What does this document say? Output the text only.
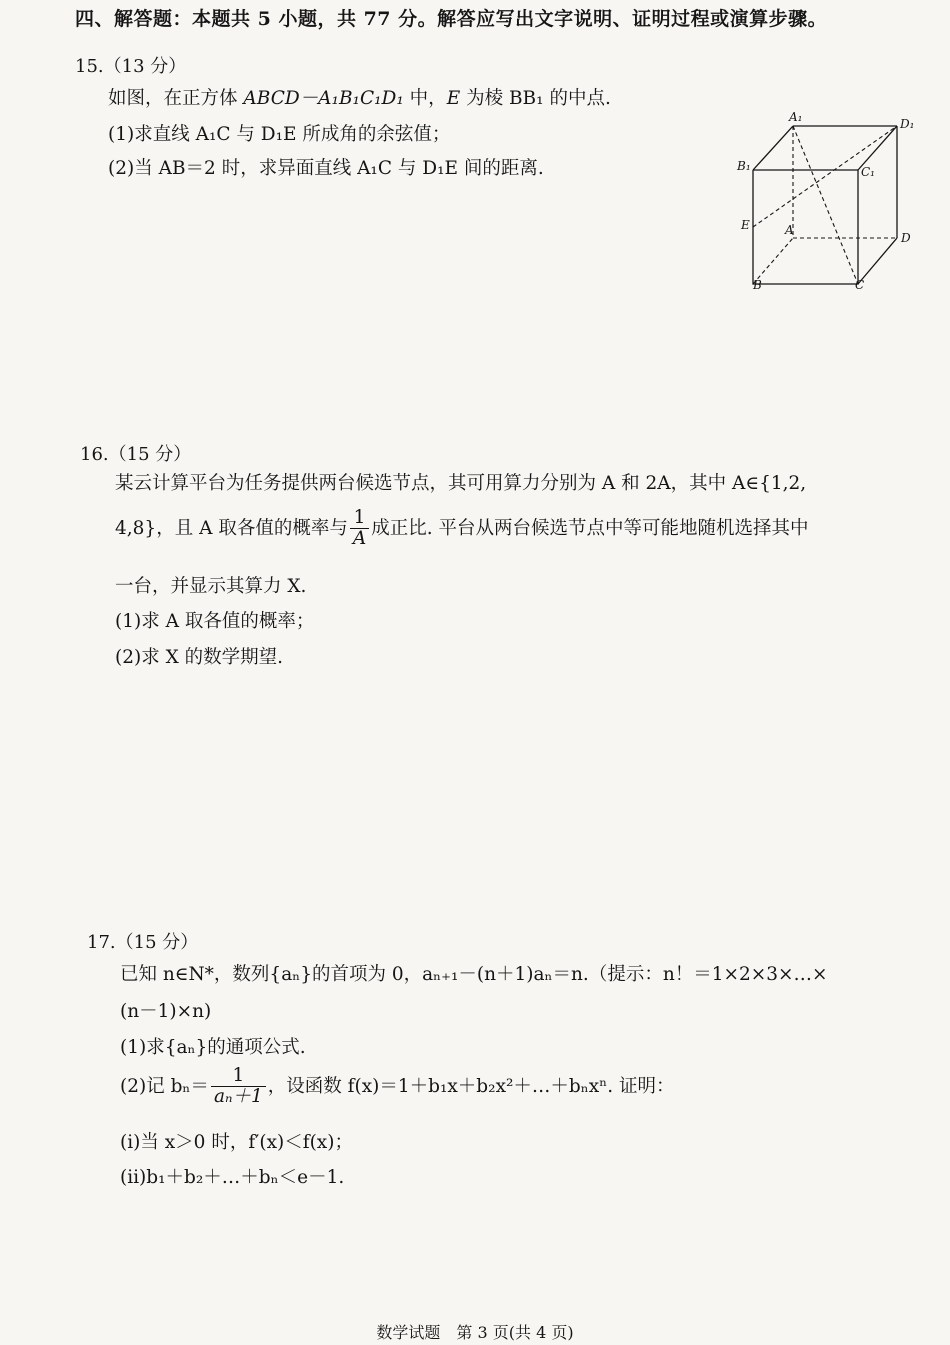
四、解答题：本题共 5 小题，共 77 分。解答应写出文字说明、证明过程或演算步骤。
15.（13 分）
如图，在正方体 ABCD－A₁B₁C₁D₁ 中，E 为棱 BB₁ 的中点.
(1)求直线 A₁C 与 D₁E 所成角的余弦值；
(2)当 AB＝2 时，求异面直线 A₁C 与 D₁E 间的距离.
A₁	D₁
B₁	C₁
E	A
D
B	C
16.（15 分）
某云计算平台为任务提供两台候选节点，其可用算力分别为 A 和 2A，其中 A∈{1,2,
4,8}，且 A 取各值的概率与 $\frac{1}{A}$ 成正比. 平台从两台候选节点中等可能地随机选择其中
一台，并显示其算力 X.
(1)求 A 取各值的概率；
(2)求 X 的数学期望.
17.（15 分）
已知 n∈N*，数列{aₙ}的首项为 0，aₙ₊₁－(n＋1)aₙ＝n.（提示：n！＝1×2×3×…×
(n－1)×n)
(1)求{aₙ}的通项公式.
(2)记 $b_n= \frac{1}{\text{aₙ＋1}}$ ，设函数 f(x)＝1＋b₁x＋b₂x²＋…＋bₙxⁿ. 证明：
(ⅰ)当 x＞0 时，f′(x)＜f(x)；
(ⅱ)b₁＋b₂＋…＋bₙ＜e－1.
数学试题　第 3 页(共 4 页)
